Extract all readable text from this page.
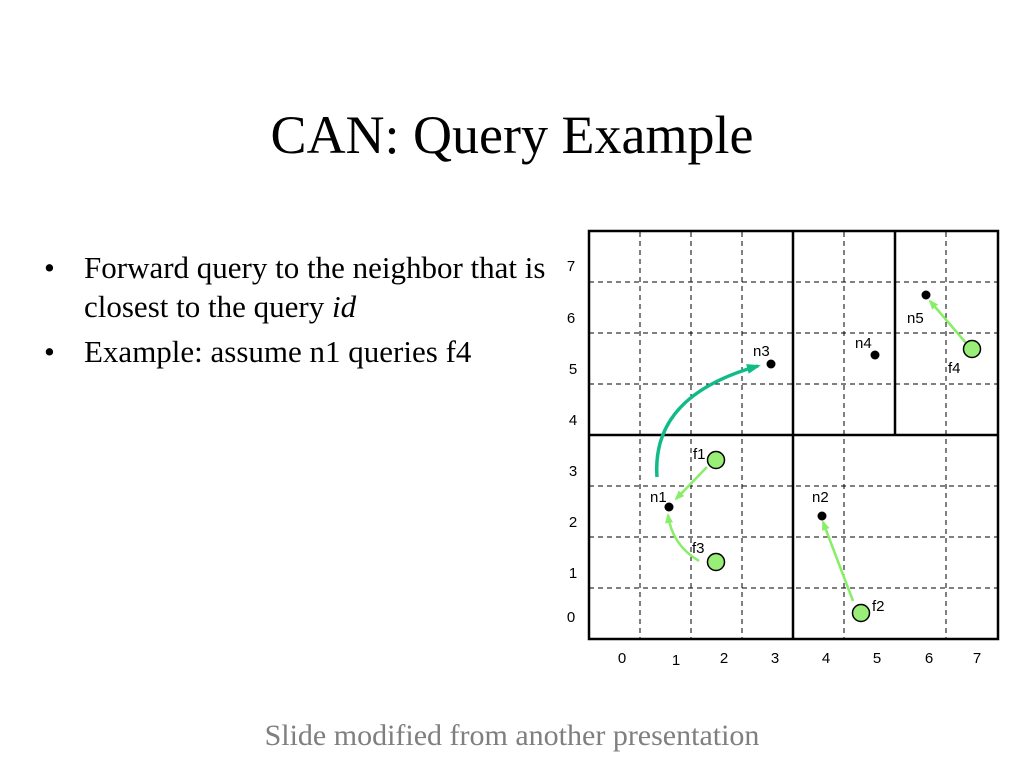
CAN: Query Example
• Forward query to the neighbor that is closest to the query id
• Example: assume n1 queries f4
0
1
2
3
4
5
6
7
0	1	2	3	4	5	6	7
n1	n2
n3	n4
n5
f1
f2
f3
f4
Slide modified from another presentation
